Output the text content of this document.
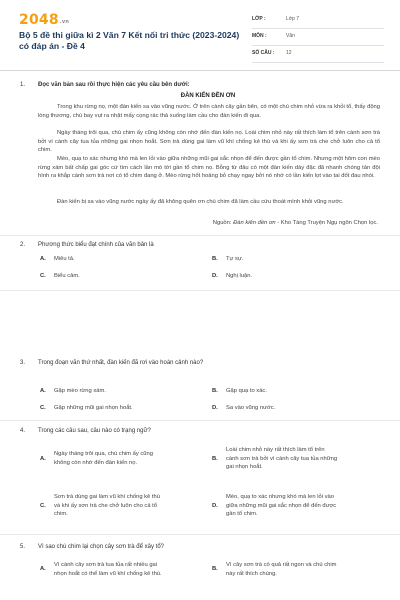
2048.vn
Bộ 5 đề thi giữa kì 2 Văn 7 Kết nối tri thức (2023-2024) có đáp án - Đề 4
LỚP :	Lớp 7
MÔN :	Văn
SỐ CÂU : 12
1. Đọc văn bản sau rồi thực hiện các yêu cầu bên dưới:
ĐÀN KIẾN ĐỀN ƠN

Trong khu rừng nọ, một đàn kiến sa vào vũng nước. Ở trên cành cây gần bên, có một chú chim nhỏ vừa ra khỏi tổ, thấy động lòng thương, chú bay vụt ra nhặt mấy cọng rác thả xuống làm cầu cho đàn kiến đi qua.

Ngày tháng trôi qua, chú chim ấy cũng không còn nhớ đến đàn kiến nọ. Loài chim nhỏ này rất thích làm tổ trên cành sơn trà bởi vì cành cây tua tủa những gai nhọn hoắt. Sơn trà dùng gai làm vũ khí chống kẻ thù và khi ấy sơn trà che chở luôn cho cả tổ chim.

Mèo, quạ to xác nhưng khó mà len lỏi vào giữa những mũi gai sắc nhọn để đến được gần tổ chim. Nhưng một hôm con mèo rừng xám bất chấp gai góc cứ tìm cách lần mò tới gần tổ chim nọ. Bỗng từ đâu có một đàn kiến dày đặc đã nhanh chóng tản đội hình ra khắp cành sơn trà nơi có tổ chim đang ở. Mèo rừng hốt hoảng bỏ chạy ngay bởi nó nhớ có lần kiến lọt vào tai đốt đau nhói.

Đàn kiến bị sa vào vũng nước ngày ấy đã không quên ơn chú chim đã làm cầu cứu thoát mình khỏi vũng nước.

Nguồn: Đàn kiến đền ơn - Kho Tàng Truyện Ngụ ngôn Chọn lọc.
2. Phương thức biểu đạt chính của văn bản là
A. Miêu tả.	B. Tự sự.
C. Biểu cảm.	D. Nghị luận.
3. Trong đoạn văn thứ nhất, đàn kiến đã rơi vào hoàn cảnh nào?
A. Gặp mèo rừng xám.	B. Gặp quạ to xác.
C. Gặp những mũi gai nhọn hoắt.	D. Sa vào vũng nước.
4. Trong các câu sau, câu nào có trạng ngữ?
A.
Ngày tháng trôi qua, chú chim ấy cũng
không còn nhớ đến đàn kiến nọ.
B.
Loài chim nhỏ này rất thích làm tổ trên
cành sơn trà bởi vì cành cây tua tủa những
gai nhọn hoắt.
C.
Sơn trà dùng gai làm vũ khí chống kẻ thù
và khi ấy sơn trà che chở luôn cho cả tổ
chim.
D.
Mèo, quạ to xác nhưng khó mà len lỏi vào
giữa những mũi gai sắc nhọn để đến được
gần tổ chim.
5. Vì sao chú chim lại chọn cây sơn trà để xây tổ?
A.
Vì cành cây sơn trà tua tủa rất nhiều gai
nhọn hoắt có thể làm vũ khí chống kẻ thù.
B.
Vì cây sơn trà có quả rất ngon và chú chim
này rất thích chúng.
